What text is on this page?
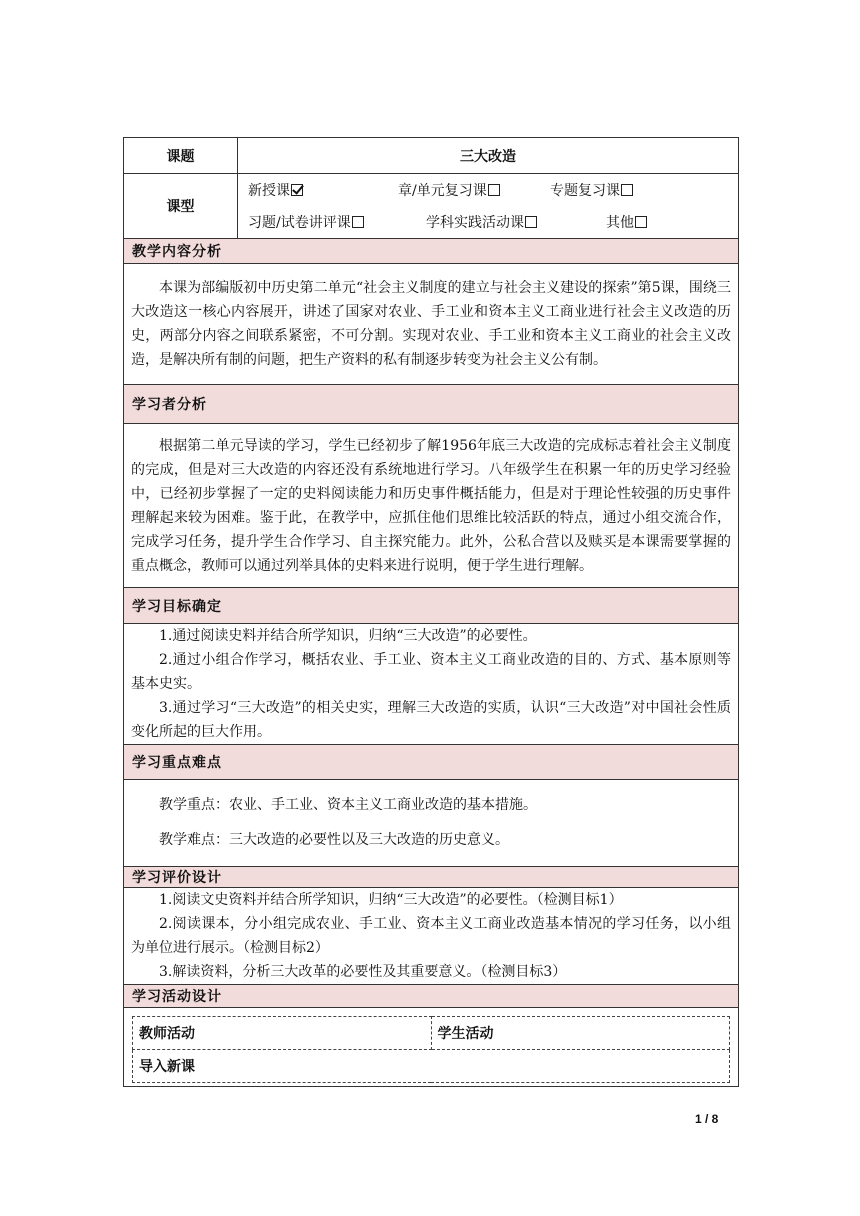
课题	三大改造
课型	
新授课	章/单元复习课	专题复习课
习题/试卷讲评课	学科实践活动课	其他

教学内容分析

本课为部编版初中历史第二单元“社会主义制度的建立与社会主义建设的探索”第5课，围绕三大改造这一核心内容展开，讲述了国家对农业、手工业和资本主义工商业进行社会主义改造的历史，两部分内容之间联系紧密，不可分割。实现对农业、手工业和资本主义工商业的社会主义改造，是解决所有制的问题，把生产资料的私有制逐步转变为社会主义公有制。

学习者分析

根据第二单元导读的学习，学生已经初步了解1956年底三大改造的完成标志着社会主义制度的完成，但是对三大改造的内容还没有系统地进行学习。八年级学生在积累一年的历史学习经验中，已经初步掌握了一定的史料阅读能力和历史事件概括能力，但是对于理论性较强的历史事件理解起来较为困难。鉴于此，在教学中，应抓住他们思维比较活跃的特点，通过小组交流合作，完成学习任务，提升学生合作学习、自主探究能力。此外，公私合营以及赎买是本课需要掌握的重点概念，教师可以通过列举具体的史料来进行说明，便于学生进行理解。

学习目标确定

1.通过阅读史料并结合所学知识，归纳“三大改造”的必要性。

2.通过小组合作学习，概括农业、手工业、资本主义工商业改造的目的、方式、基本原则等基本史实。

3.通过学习“三大改造”的相关史实，理解三大改造的实质，认识“三大改造”对中国社会性质变化所起的巨大作用。

学习重点难点

教学重点：农业、手工业、资本主义工商业改造的基本措施。

教学难点：三大改造的必要性以及三大改造的历史意义。

学习评价设计

1.阅读文史资料并结合所学知识，归纳“三大改造”的必要性。（检测目标1）

2.阅读课本，分小组完成农业、手工业、资本主义工商业改造基本情况的学习任务，以小组为单位进行展示。（检测目标2）

3.解读资料，分析三大改革的必要性及其重要意义。（检测目标3）

学习活动设计

教师活动	学生活动
导入新课
1 / 8
